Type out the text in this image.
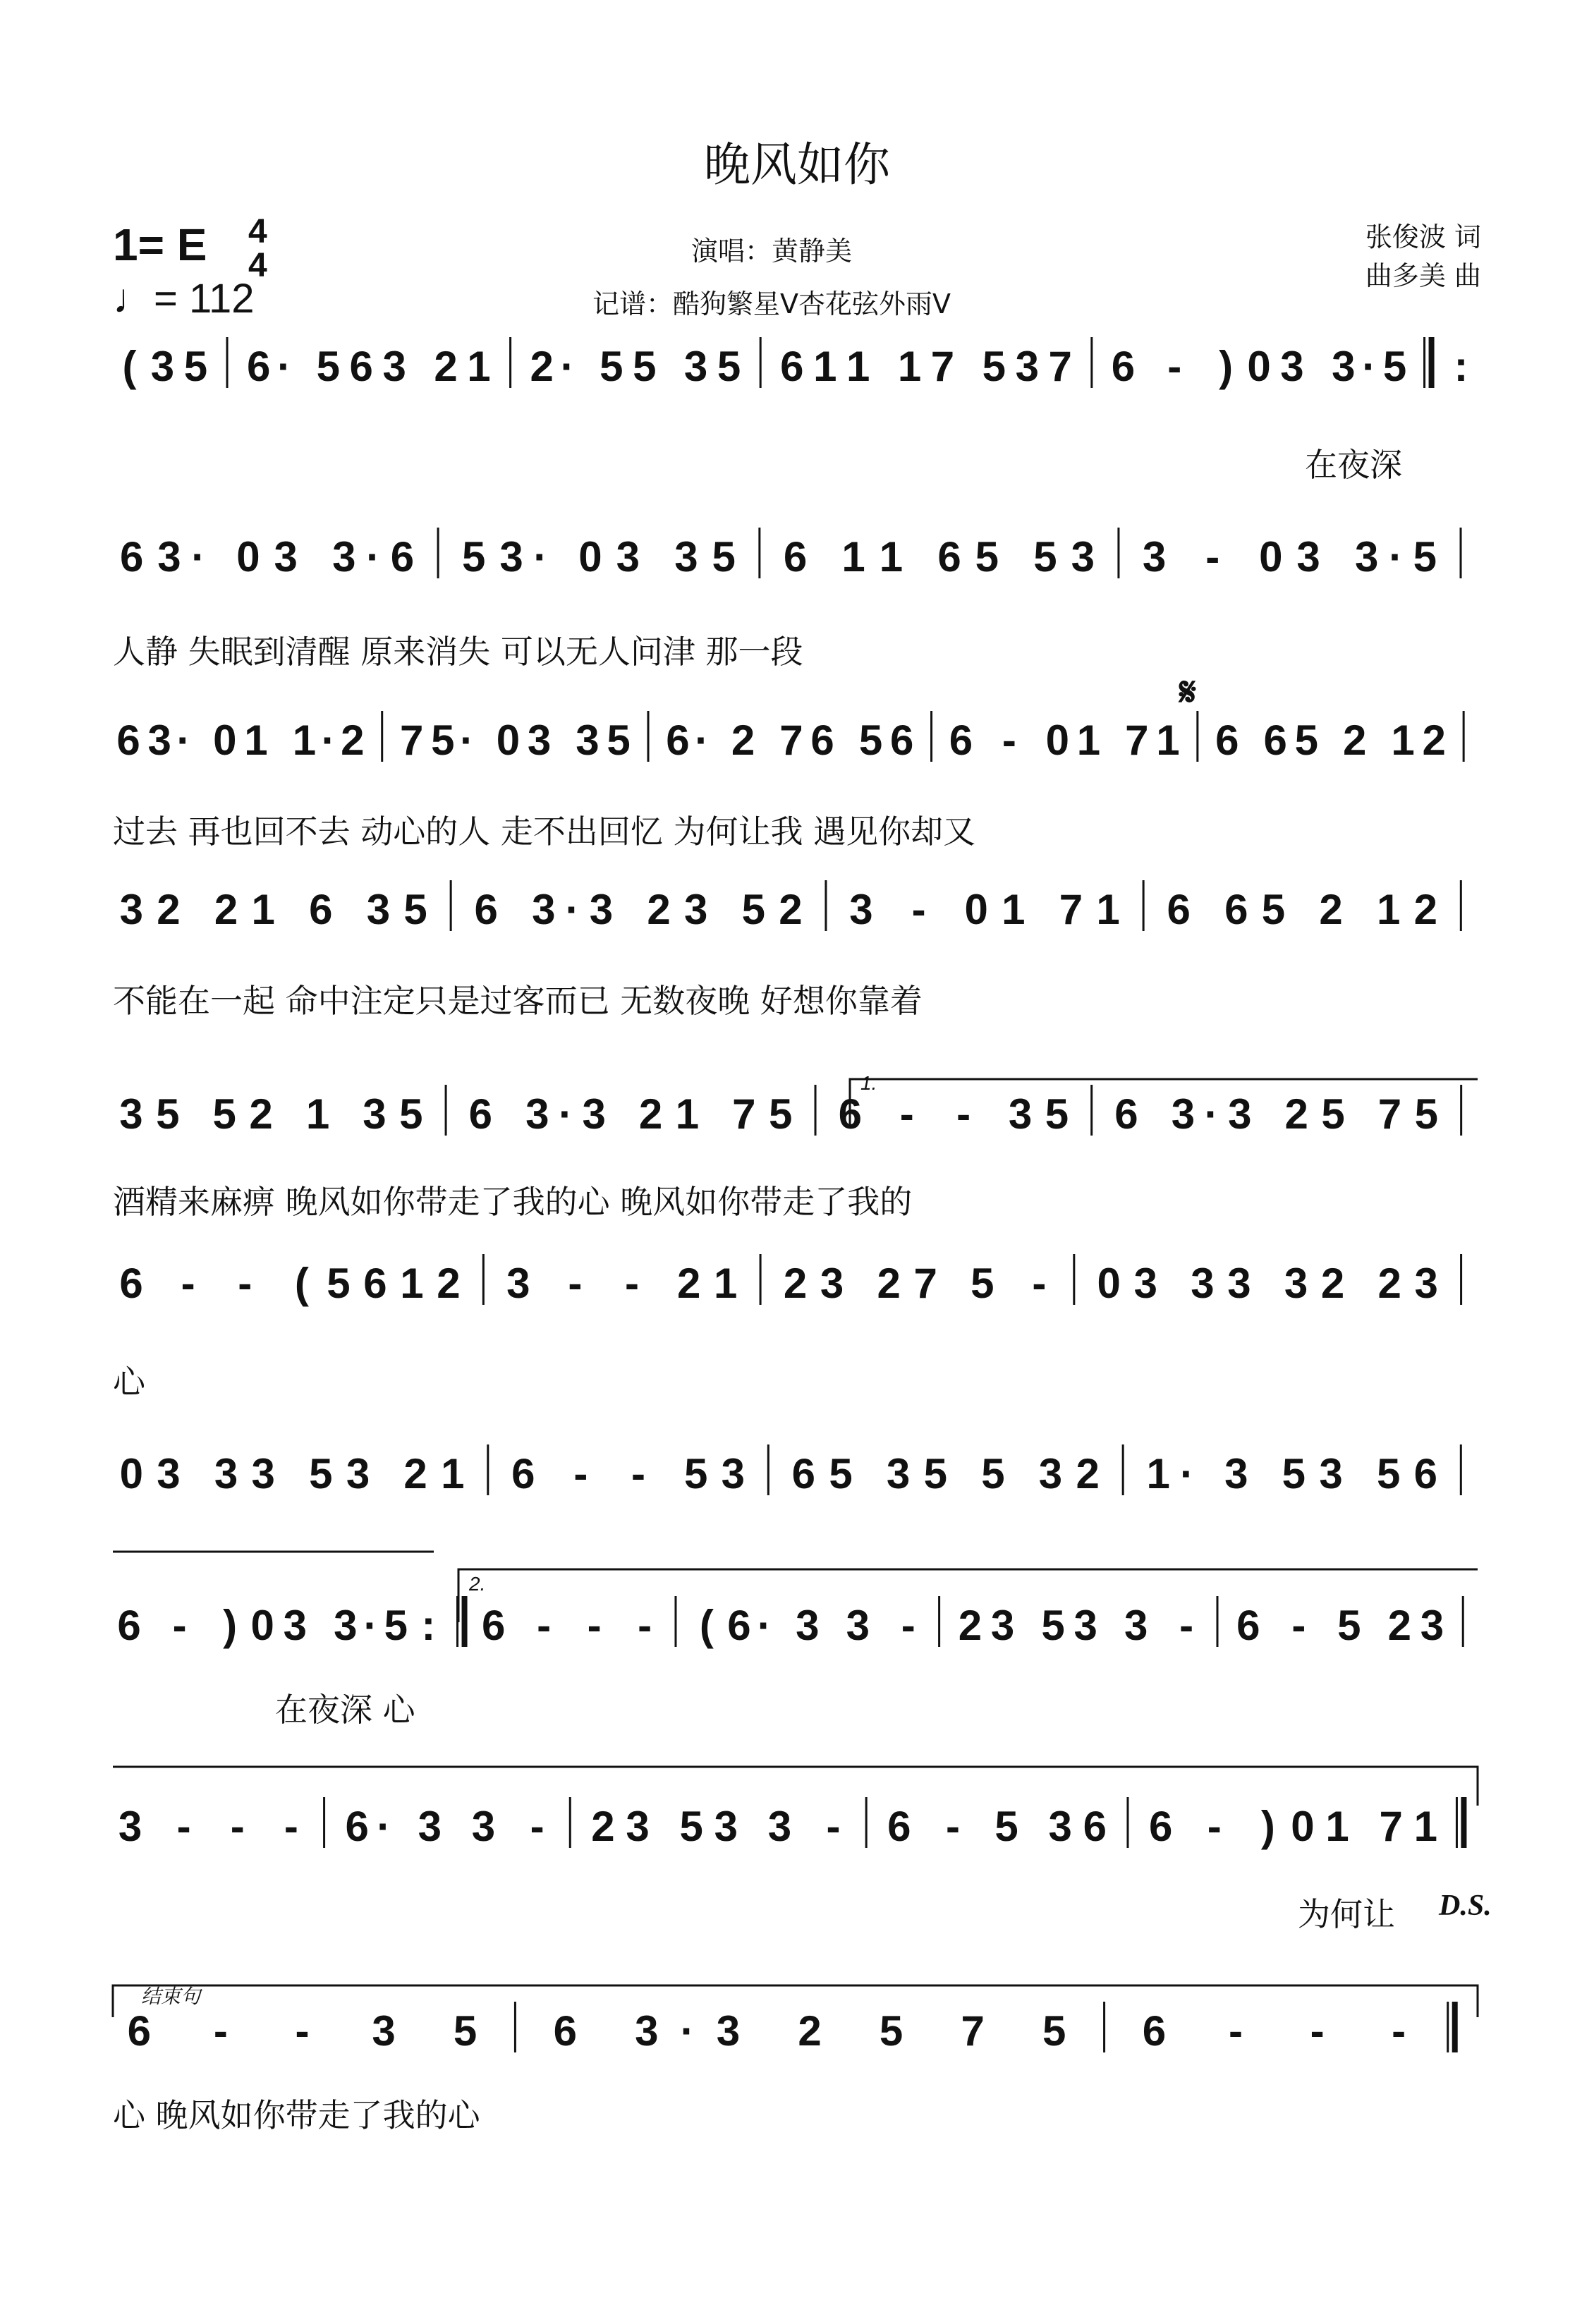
晚风如你
1= E 4
4
♩= 112
演唱：黄静美
记谱：酷狗繁星V杏花弦外雨V
张俊波 词
曲多美 曲
( 3 5 6 · 5 6 3 2 1 2 · 5 5 3 5 6 1 1 1 7 5 3 7 6 - ) 0 3 3 · 5 :
6 3 · 0 3 3 · 6 5 3 · 0 3 3 5 6 1 1 6 5 5 3 3 - 0 3 3 · 5
6 3 · 0 1 1 · 2 7 5 · 0 3 3 5 6 · 2 7 6 5 6 6 - 0 1 7 1 6 6 5 2 1 2
3 2 2 1 6 3 5 6 3 · 3 2 3 5 2 3 - 0 1 7 1 6 6 5 2 1 2
3 5 5 2 1 3 5 6 3 · 3 2 1 7 5 6 - - 3 5 6 3 · 3 2 5 7 5
6 - - ( 5 6 1 2 3 - - 2 1 2 3 2 7 5 - 0 3 3 3 3 2 2 3
0 3 3 3 5 3 2 1 6 - - 5 3 6 5 3 5 5 3 2 1 · 3 5 3 5 6
6 - ) 0 3 3 · 5 : 6 - - - ( 6 · 3 3 - 2 3 5 3 3 - 6 - 5 2 3
3 - - - 6 · 3 3 - 2 3 5 3 3 - 6 - 5 3 6 6 - ) 0 1 7 1
6 - - 3 5 6 3 · 3 2 5 7 5 6 - - -
在夜深
人静 失眠到清醒 原来消失 可以无人问津 那一段
过去 再也回不去 动心的人 走不出回忆 为何让我 遇见你却又
不能在一起 命中注定只是过客而已 无数夜晚 好想你靠着
酒精来麻痹 晚风如你带走了我的心 晚风如你带走了我的
心
在夜深 心
为何让
心 晚风如你带走了我的心
1.
2.
结束句
D.S.
𝄋
